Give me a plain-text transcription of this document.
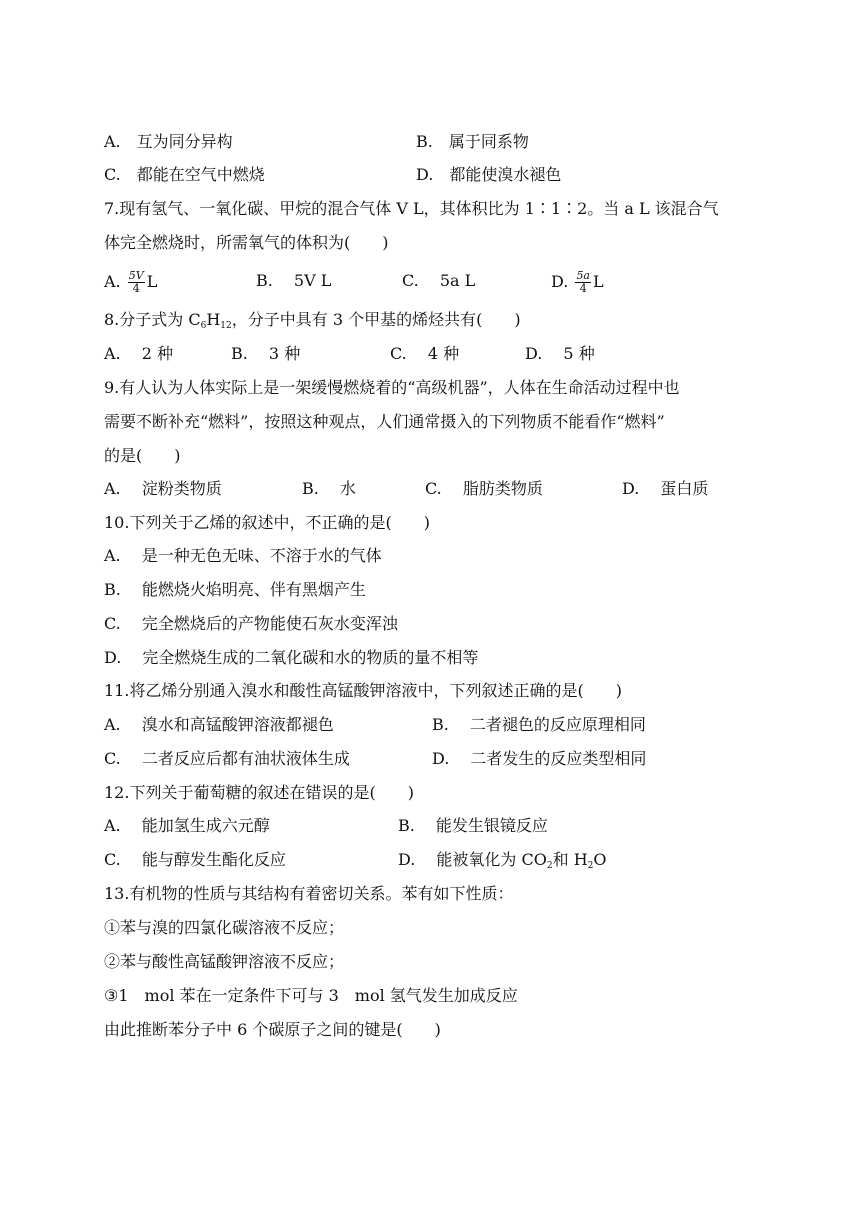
A.　互为同分异构	B.　属于同系物
C.　都能在空气中燃烧	D.　都能使溴水褪色
7.现有氢气、一氧化碳、甲烷的混合气体 V L，其体积比为 1∶1∶2。当 a L 该混合气
体完全燃烧时，所需氧气的体积为(　　)
A. $\frac{5V}{4}$ L	B.　 5V L	C.　 5a L	D. $\frac{5a}{4}$ L
8.分子式为 $C_6H_{12}$，分子中具有 3 个甲基的烯烃共有(　　)
A.　 2 种	B.　 3 种	C.　 4 种	D.　 5 种
9.有人认为人体实际上是一架缓慢燃烧着的“高级机器”，人体在生命活动过程中也
需要不断补充“燃料”，按照这种观点，人们通常摄入的下列物质不能看作“燃料”
的是(　　)
A.　 淀粉类物质	B.　 水	C.　 脂肪类物质	D.　 蛋白质
10.下列关于乙烯的叙述中，不正确的是(　　)
A.　 是一种无色无味、不溶于水的气体
B.　 能燃烧火焰明亮、伴有黑烟产生
C.　 完全燃烧后的产物能使石灰水变浑浊
D.　 完全燃烧生成的二氧化碳和水的物质的量不相等
11.将乙烯分别通入溴水和酸性高锰酸钾溶液中，下列叙述正确的是(　　)
A.　 溴水和高锰酸钾溶液都褪色	B.　 二者褪色的反应原理相同
C.　 二者反应后都有油状液体生成	D.　 二者发生的反应类型相同
12.下列关于葡萄糖的叙述在错误的是(　　)
A.　 能加氢生成六元醇	B.　 能发生银镜反应
C.　 能与醇发生酯化反应	D.　 能被氧化为 $CO_2$和 $H_2O$
13.有机物的性质与其结构有着密切关系。苯有如下性质：
①苯与溴的四氯化碳溶液不反应；
②苯与酸性高锰酸钾溶液不反应；
③1　mol 苯在一定条件下可与 3　mol 氢气发生加成反应
由此推断苯分子中 6 个碳原子之间的键是(　　)
